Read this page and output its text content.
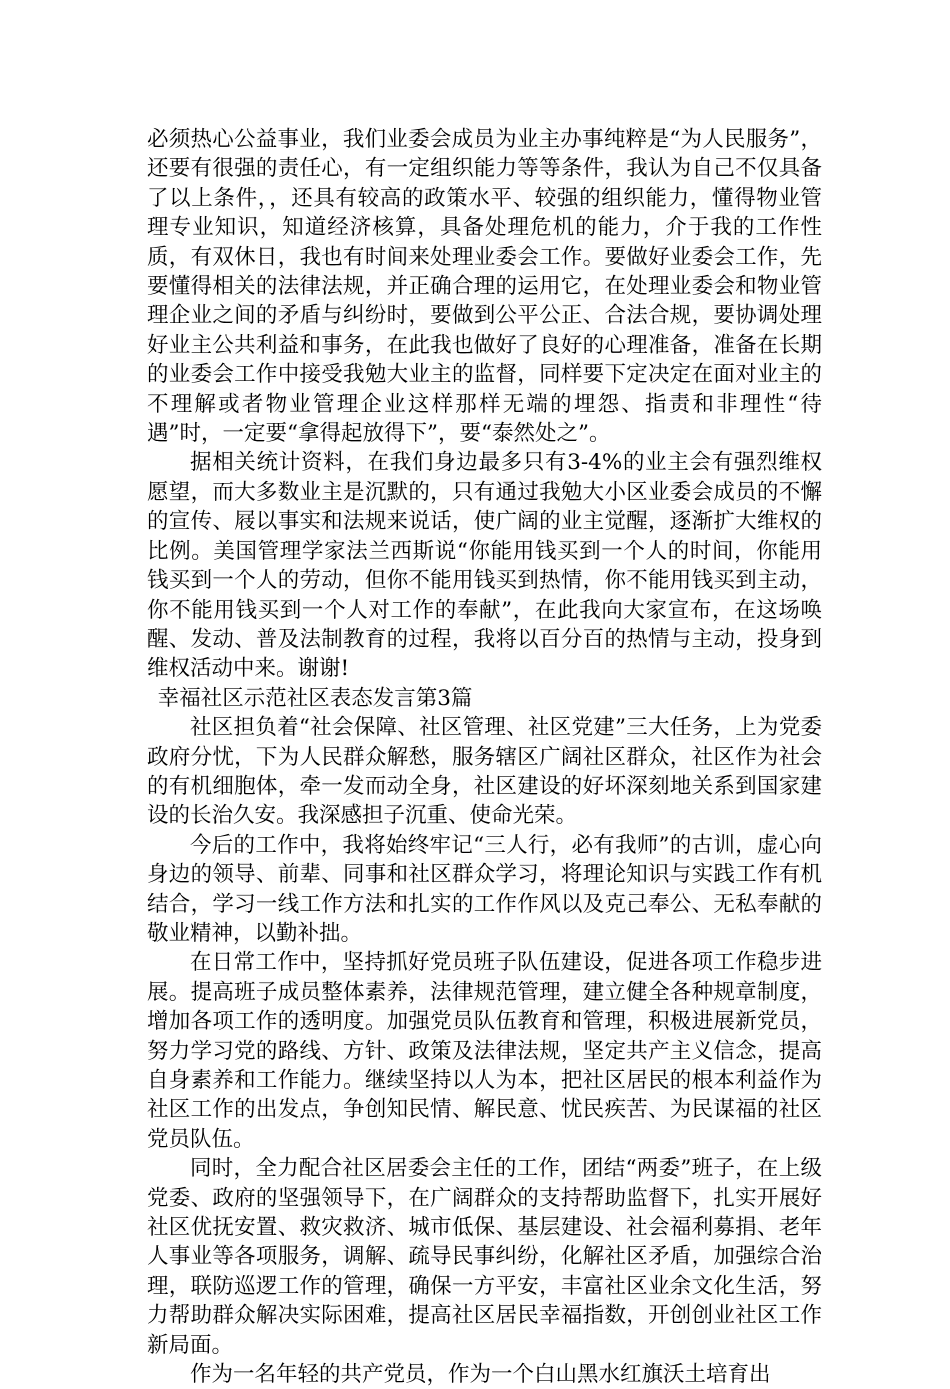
必须热心公益事业，我们业委会成员为业主办事纯粹是“为人民服务”，还要有很强的责任心，有一定组织能力等等条件，我认为自己不仅具备了以上条件，，还具有较高的政策水平、较强的组织能力，懂得物业管理专业知识，知道经济核算，具备处理危机的能力，介于我的工作性质，有双休日，我也有时间来处理业委会工作。要做好业委会工作，先要懂得相关的法律法规，并正确合理的运用它，在处理业委会和物业管理企业之间的矛盾与纠纷时，要做到公平公正、合法合规，要协调处理好业主公共利益和事务，在此我也做好了良好的心理准备，准备在长期的业委会工作中接受我勉大业主的监督，同样要下定决定在面对业主的不理解或者物业管理企业这样那样无端的埋怨、指责和非理性“待遇”时，一定要“拿得起放得下”，要“泰然处之”。

据相关统计资料，在我们身边最多只有3-4%的业主会有强烈维权愿望，而大多数业主是沉默的，只有通过我勉大小区业委会成员的不懈的宣传、屐以事实和法规来说话，使广阔的业主觉醒，逐渐扩大维权的比例。美国管理学家法兰西斯说“你能用钱买到一个人的时间，你能用钱买到一个人的劳动，但你不能用钱买到热情，你不能用钱买到主动，你不能用钱买到一个人对工作的奉献”，在此我向大家宣布，在这场唤醒、发动、普及法制教育的过程，我将以百分百的热情与主动，投身到维权活动中来。谢谢!

幸福社区示范社区表态发言第3篇

社区担负着“社会保障、社区管理、社区党建”三大任务，上为党委政府分忧，下为人民群众解愁，服务辖区广阔社区群众，社区作为社会的有机细胞体，牵一发而动全身，社区建设的好坏深刻地关系到国家建设的长治久安。我深感担子沉重、使命光荣。

今后的工作中，我将始终牢记“三人行，必有我师”的古训，虚心向身边的领导、前辈、同事和社区群众学习，将理论知识与实践工作有机结合，学习一线工作方法和扎实的工作作风以及克己奉公、无私奉献的敬业精神，以勤补拙。

在日常工作中，坚持抓好党员班子队伍建设，促进各项工作稳步进展。提高班子成员整体素养，法律规范管理，建立健全各种规章制度，增加各项工作的透明度。加强党员队伍教育和管理，积极进展新党员，努力学习党的路线、方针、政策及法律法规，坚定共产主义信念，提高自身素养和工作能力。继续坚持以人为本，把社区居民的根本利益作为社区工作的出发点，争创知民情、解民意、忧民疾苦、为民谋福的社区党员队伍。

同时，全力配合社区居委会主任的工作，团结“两委”班子，在上级党委、政府的坚强领导下，在广阔群众的支持帮助监督下，扎实开展好社区优抚安置、救灾救济、城市低保、基层建设、社会福利募捐、老年人事业等各项服务，调解、疏导民事纠纷，化解社区矛盾，加强综合治理，联防巡逻工作的管理，确保一方平安，丰富社区业余文化生活，努力帮助群众解决实际困难，提高社区居民幸福指数，开创创业社区工作新局面。

作为一名年轻的共产党员，作为一个白山黑水红旗沃土培育出
